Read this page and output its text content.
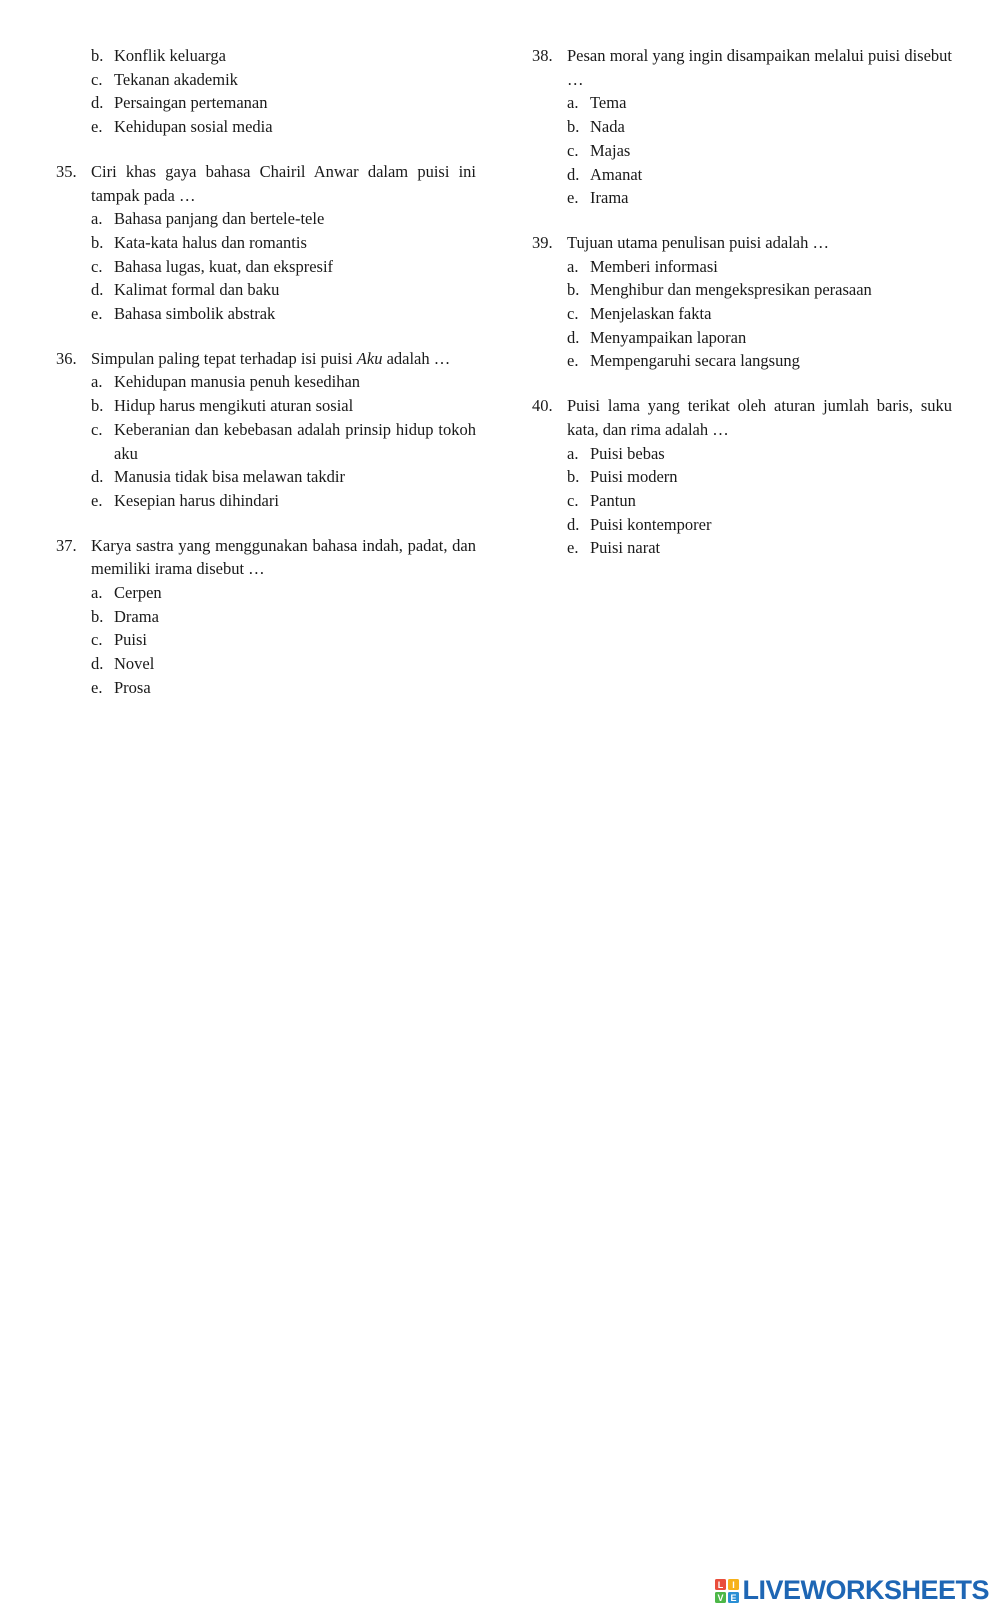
b. Konflik keluarga
c. Tekanan akademik
d. Persaingan pertemanan
e. Kehidupan sosial media
35. Ciri khas gaya bahasa Chairil Anwar dalam puisi ini tampak pada …
a. Bahasa panjang dan bertele-tele
b. Kata-kata halus dan romantis
c. Bahasa lugas, kuat, dan ekspresif
d. Kalimat formal dan baku
e. Bahasa simbolik abstrak
36. Simpulan paling tepat terhadap isi puisi Aku adalah …
a. Kehidupan manusia penuh kesedihan
b. Hidup harus mengikuti aturan sosial
c. Keberanian dan kebebasan adalah prinsip hidup tokoh aku
d. Manusia tidak bisa melawan takdir
e. Kesepian harus dihindari
37. Karya sastra yang menggunakan bahasa indah, padat, dan memiliki irama disebut …
a. Cerpen
b. Drama
c. Puisi
d. Novel
e. Prosa
38. Pesan moral yang ingin disampaikan melalui puisi disebut …
a. Tema
b. Nada
c. Majas
d. Amanat
e. Irama
39. Tujuan utama penulisan puisi adalah …
a. Memberi informasi
b. Menghibur dan mengekspresikan perasaan
c. Menjelaskan fakta
d. Menyampaikan laporan
e. Mempengaruhi secara langsung
40. Puisi lama yang terikat oleh aturan jumlah baris, suku kata, dan rima adalah …
a. Puisi bebas
b. Puisi modern
c. Pantun
d. Puisi kontemporer
e. Puisi narat
L I
V E LIVEWORKSHEETS
